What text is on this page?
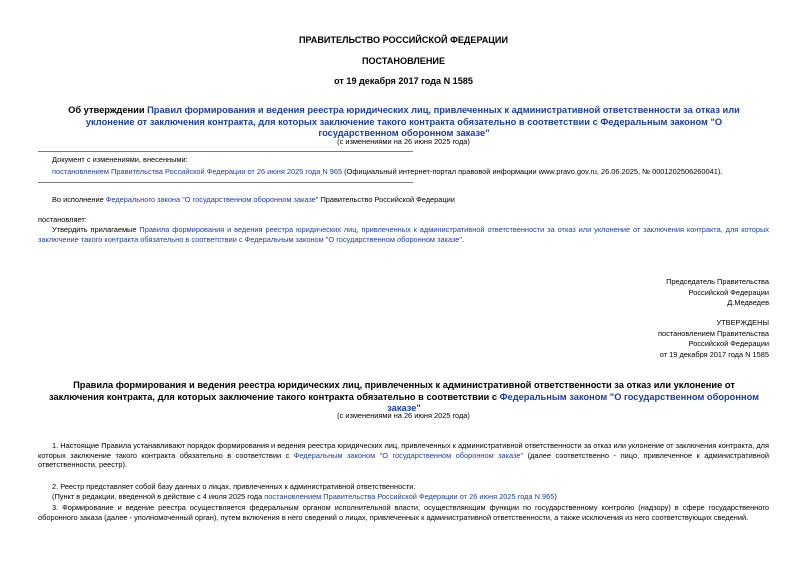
ПРАВИТЕЛЬСТВО РОССИЙСКОЙ ФЕДЕРАЦИИ
ПОСТАНОВЛЕНИЕ
от 19 декабря 2017 года N 1585
Об утверждении Правил формирования и ведения реестра юридических лиц, привлеченных к административной ответственности за отказ или уклонение от заключения контракта, для которых заключение такого контракта обязательно в соответствии с Федеральным законом "О государственном оборонном заказе"
(с изменениями на 26 июня 2025 года)
Документ с изменениями, внесенными:
постановлением Правительства Российской Федерации от 26 июня 2025 года N 965 (Официальный интернет-портал правовой информации www.pravo.gov.ru, 26.06.2025, № 0001202506260041).
Во исполнение Федерального закона "О государственном оборонном заказе" Правительство Российской Федерации
постановляет:
Утвердить прилагаемые Правила формирования и ведения реестра юридических лиц, привлеченных к административной ответственности за отказ или уклонение от заключения контракта, для которых заключение такого контракта обязательно в соответствии с Федеральным законом "О государственном оборонном заказе".
Председатель Правительства
Российской Федерации
Д.Медведев
УТВЕРЖДЕНЫ
постановлением Правительства
Российской Федерации
от 19 декабря 2017 года N 1585
Правила формирования и ведения реестра юридических лиц, привлеченных к административной ответственности за отказ или уклонение от заключения контракта, для которых заключение такого контракта обязательно в соответствии с Федеральным законом "О государственном оборонном заказе"
(с изменениями на 26 июня 2025 года)
1. Настоящие Правила устанавливают порядок формирования и ведения реестра юридических лиц, привлеченных к административной ответственности за отказ или уклонение от заключения контракта, для которых заключение такого контракта обязательно в соответствии с Федеральным законом "О государственном оборонном заказе" (далее соответственно - лицо, привлеченное к административной ответственности, реестр).
2. Реестр представляет собой базу данных о лицах, привлеченных к административной ответственности.
(Пункт в редакции, введенной в действие с 4 июля 2025 года постановлением Правительства Российской Федерации от 26 июня 2025 года N 965)
3. Формирование и ведение реестра осуществляется федеральным органом исполнительной власти, осуществляющим функции по государственному контролю (надзору) в сфере государственного оборонного заказа (далее - уполномоченный орган), путем включения в него сведений о лицах, привлеченных к административной ответственности, а также исключения из него соответствующих сведений.
